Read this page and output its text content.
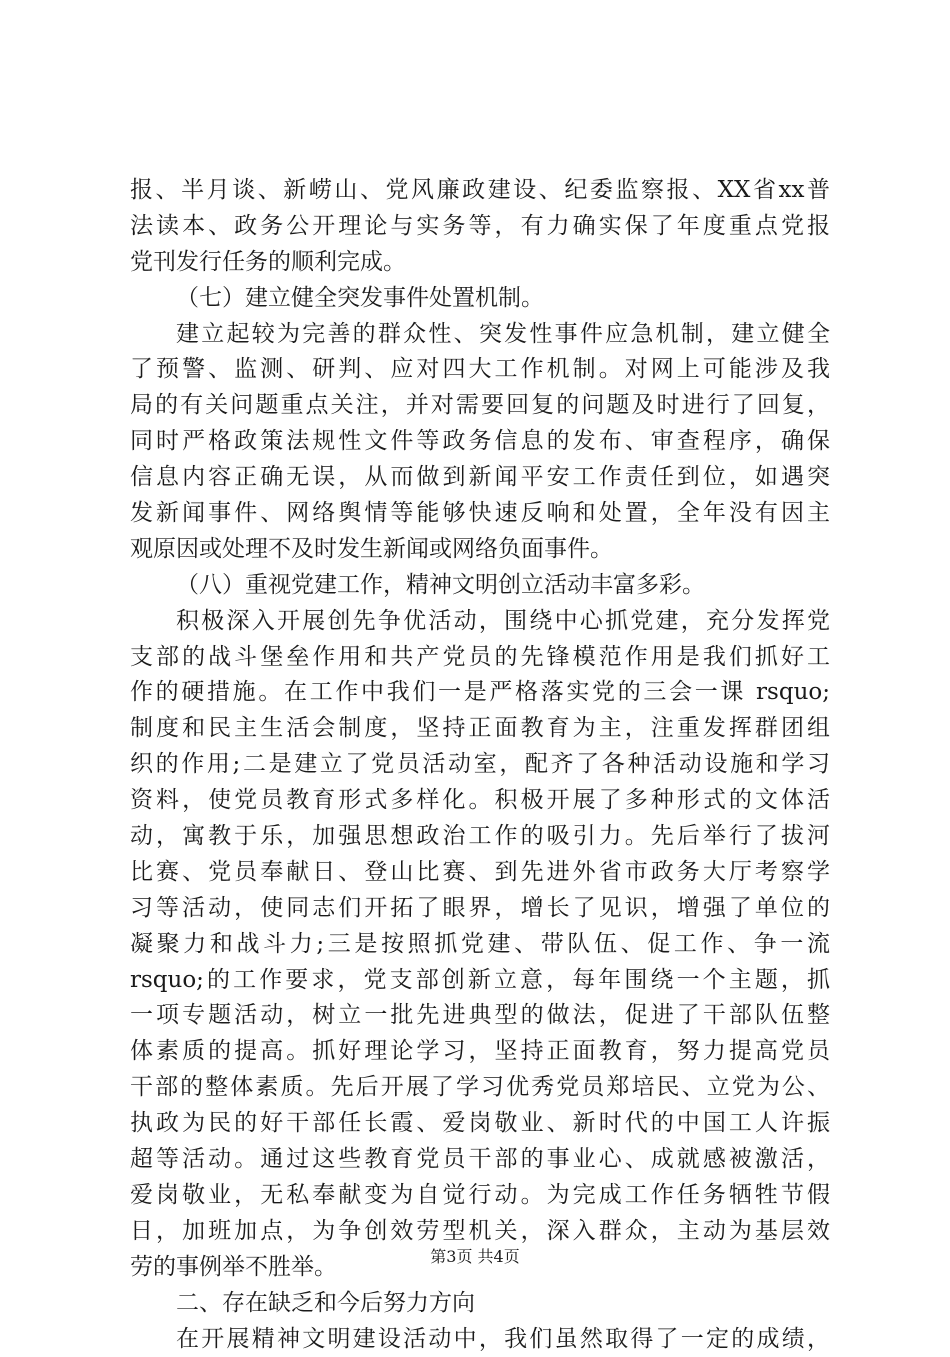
报、半月谈、新崂山、党风廉政建设、纪委监察报、XX省xx普
法读本、政务公开理论与实务等，有力确实保了年度重点党报
党刊发行任务的顺利完成。
（七）建立健全突发事件处置机制。
建立起较为完善的群众性、突发性事件应急机制，建立健全
了预警、监测、研判、应对四大工作机制。对网上可能涉及我
局的有关问题重点关注，并对需要回复的问题及时进行了回复，
同时严格政策法规性文件等政务信息的发布、审查程序，确保
信息内容正确无误，从而做到新闻平安工作责任到位，如遇突
发新闻事件、网络舆情等能够快速反响和处置，全年没有因主
观原因或处理不及时发生新闻或网络负面事件。
（八）重视党建工作，精神文明创立活动丰富多彩。
积极深入开展创先争优活动，围绕中心抓党建，充分发挥党
支部的战斗堡垒作用和共产党员的先锋模范作用是我们抓好工
作的硬措施。在工作中我们一是严格落实党的三会一课 rsquo;
制度和民主生活会制度，坚持正面教育为主，注重发挥群团组
织的作用;二是建立了党员活动室，配齐了各种活动设施和学习
资料，使党员教育形式多样化。积极开展了多种形式的文体活
动，寓教于乐，加强思想政治工作的吸引力。先后举行了拔河
比赛、党员奉献日、登山比赛、到先进外省市政务大厅考察学
习等活动，使同志们开拓了眼界，增长了见识，增强了单位的
凝聚力和战斗力;三是按照抓党建、带队伍、促工作、争一流
rsquo;的工作要求，党支部创新立意，每年围绕一个主题，抓
一项专题活动，树立一批先进典型的做法，促进了干部队伍整
体素质的提高。抓好理论学习，坚持正面教育，努力提高党员
干部的整体素质。先后开展了学习优秀党员郑培民、立党为公、
执政为民的好干部任长霞、爱岗敬业、新时代的中国工人许振
超等活动。通过这些教育党员干部的事业心、成就感被激活，
爱岗敬业，无私奉献变为自觉行动。为完成工作任务牺牲节假
日，加班加点，为争创效劳型机关，深入群众，主动为基层效
劳的事例举不胜举。
二、存在缺乏和今后努力方向
在开展精神文明建设活动中，我们虽然取得了一定的成绩，
第3页 共4页
